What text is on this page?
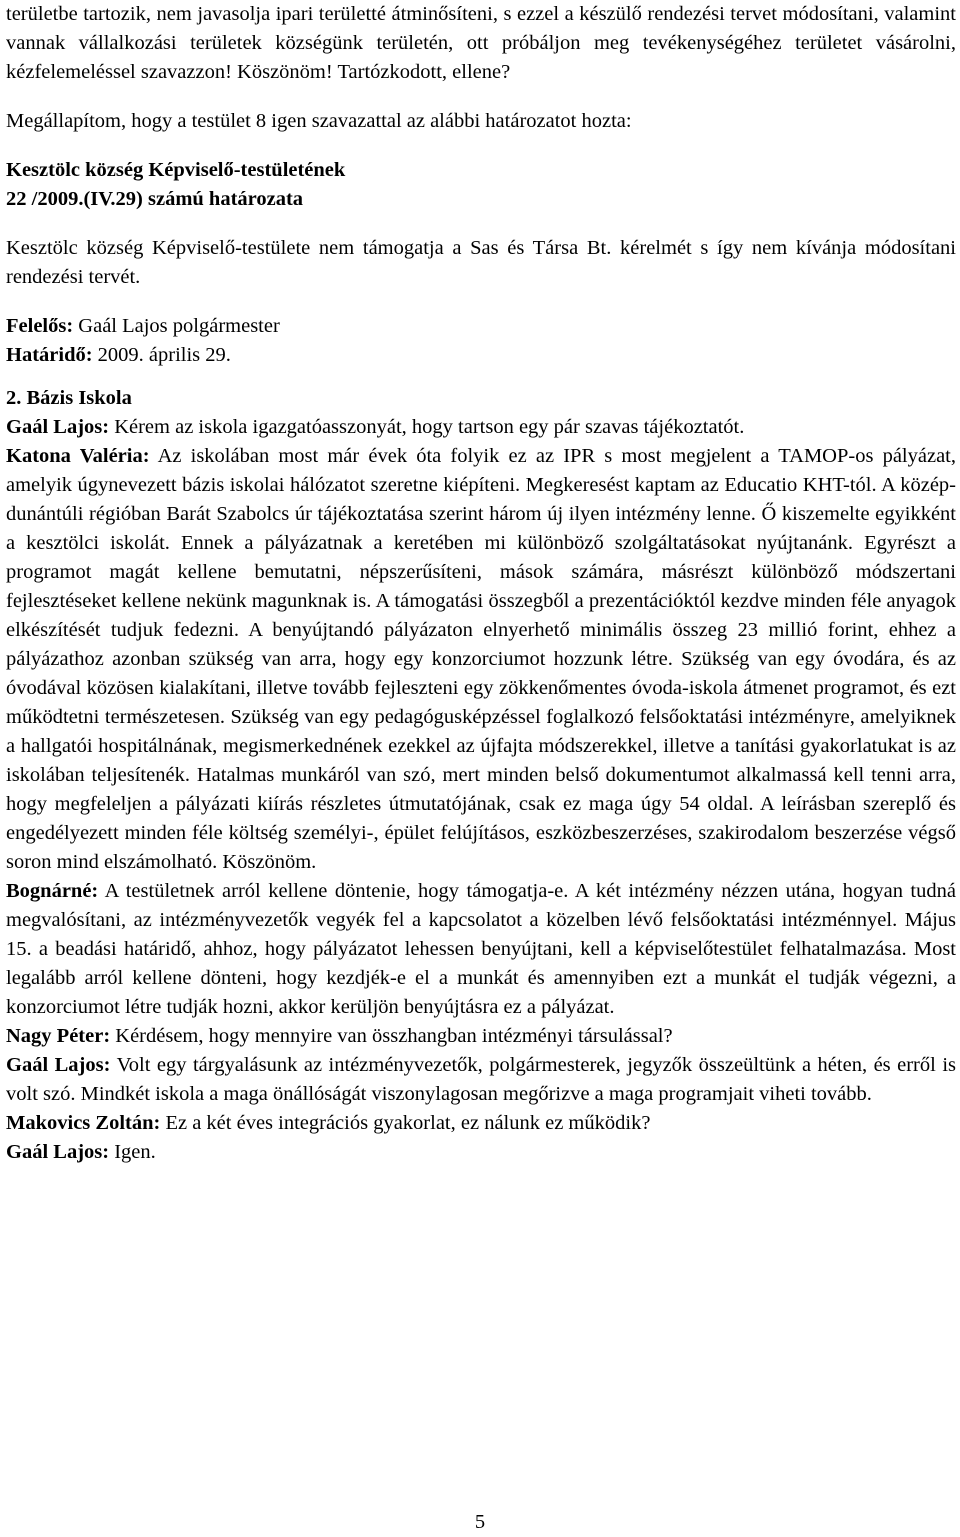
területbe tartozik, nem javasolja ipari területté átminősíteni, s ezzel a készülő rendezési tervet módosítani, valamint vannak vállalkozási területek községünk területén, ott próbáljon meg tevékenységéhez területet vásárolni, kézfelemeléssel szavazzon! Köszönöm! Tartózkodott, ellene?

Megállapítom, hogy a testület 8 igen szavazattal az alábbi határozatot hozta:

Kesztölc község Képviselő-testületének

22 /2009.(IV.29) számú határozata

Kesztölc község Képviselő-testülete nem támogatja a Sas és Társa Bt. kérelmét s így nem kívánja módosítani rendezési tervét.

Felelős: Gaál Lajos polgármester

Határidő: 2009. április 29.

2. Bázis Iskola

Gaál Lajos: Kérem az iskola igazgatóasszonyát, hogy tartson egy pár szavas tájékoztatót.

Katona Valéria: Az iskolában most már évek óta folyik ez az IPR s most megjelent a TAMOP-os pályázat, amelyik úgynevezett bázis iskolai hálózatot szeretne kiépíteni. Megkeresést kaptam az Educatio KHT-tól. A közép-dunántúli régióban Barát Szabolcs úr tájékoztatása szerint három új ilyen intézmény lenne. Ő kiszemelte egyikként a kesztölci iskolát. Ennek a pályázatnak a keretében mi különböző szolgáltatásokat nyújtanánk. Egyrészt a programot magát kellene bemutatni, népszerűsíteni, mások számára, másrészt különböző módszertani fejlesztéseket kellene nekünk magunknak is. A támogatási összegből a prezentációktól kezdve minden féle anyagok elkészítését tudjuk fedezni. A benyújtandó pályázaton elnyerhető minimális összeg 23 millió forint, ehhez a pályázathoz azonban szükség van arra, hogy egy konzorciumot hozzunk létre. Szükség van egy óvodára, és az óvodával közösen kialakítani, illetve tovább fejleszteni egy zökkenőmentes óvoda-iskola átmenet programot, és ezt működtetni természetesen. Szükség van egy pedagógusképzéssel foglalkozó felsőoktatási intézményre, amelyiknek a hallgatói hospitálnának, megismerkednének ezekkel az újfajta módszerekkel, illetve a tanítási gyakorlatukat is az iskolában teljesítenék. Hatalmas munkáról van szó, mert minden belső dokumentumot alkalmassá kell tenni arra, hogy megfeleljen a pályázati kiírás részletes útmutatójának, csak ez maga úgy 54 oldal. A leírásban szereplő és engedélyezett minden féle költség személyi-, épület felújításos, eszközbeszerzéses, szakirodalom beszerzése végső soron mind elszámolható. Köszönöm.

Bognárné: A testületnek arról kellene döntenie, hogy támogatja-e. A két intézmény nézzen utána, hogyan tudná megvalósítani, az intézményvezetők vegyék fel a kapcsolatot a közelben lévő felsőoktatási intézménnyel. Május 15. a beadási határidő, ahhoz, hogy pályázatot lehessen benyújtani, kell a képviselőtestület felhatalmazása. Most legalább arról kellene dönteni, hogy kezdjék-e el a munkát és amennyiben ezt a munkát el tudják végezni, a konzorciumot létre tudják hozni, akkor kerüljön benyújtásra ez a pályázat.

Nagy Péter: Kérdésem, hogy mennyire van összhangban intézményi társulással?

Gaál Lajos: Volt egy tárgyalásunk az intézményvezetők, polgármesterek, jegyzők összeültünk a héten, és erről is volt szó. Mindkét iskola a maga önállóságát viszonylagosan megőrizve a maga programjait viheti tovább.

Makovics Zoltán: Ez a két éves integrációs gyakorlat, ez nálunk ez működik?

Gaál Lajos: Igen.

5
